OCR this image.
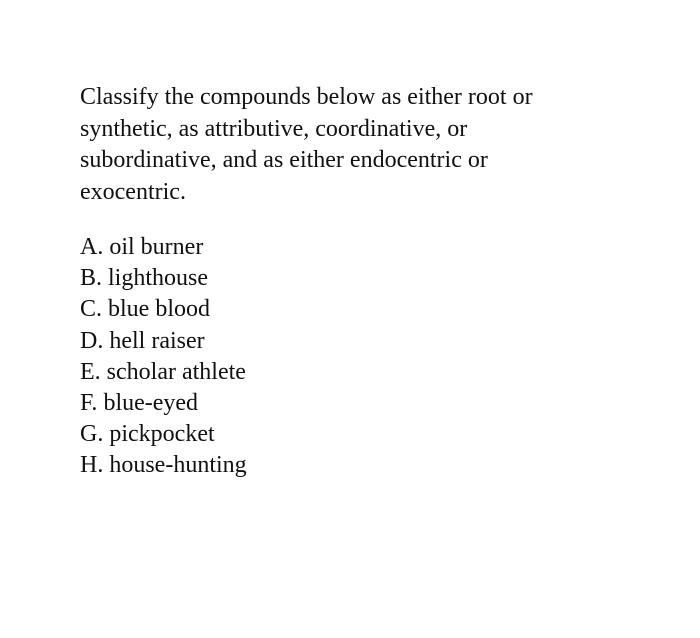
Classify the compounds below as either root or
synthetic, as attributive, coordinative, or
subordinative, and as either endocentric or
exocentric.

A. oil burner
B. lighthouse
C. blue blood
D. hell raiser
E. scholar athlete
F. blue-eyed
G. pickpocket
H. house-hunting
